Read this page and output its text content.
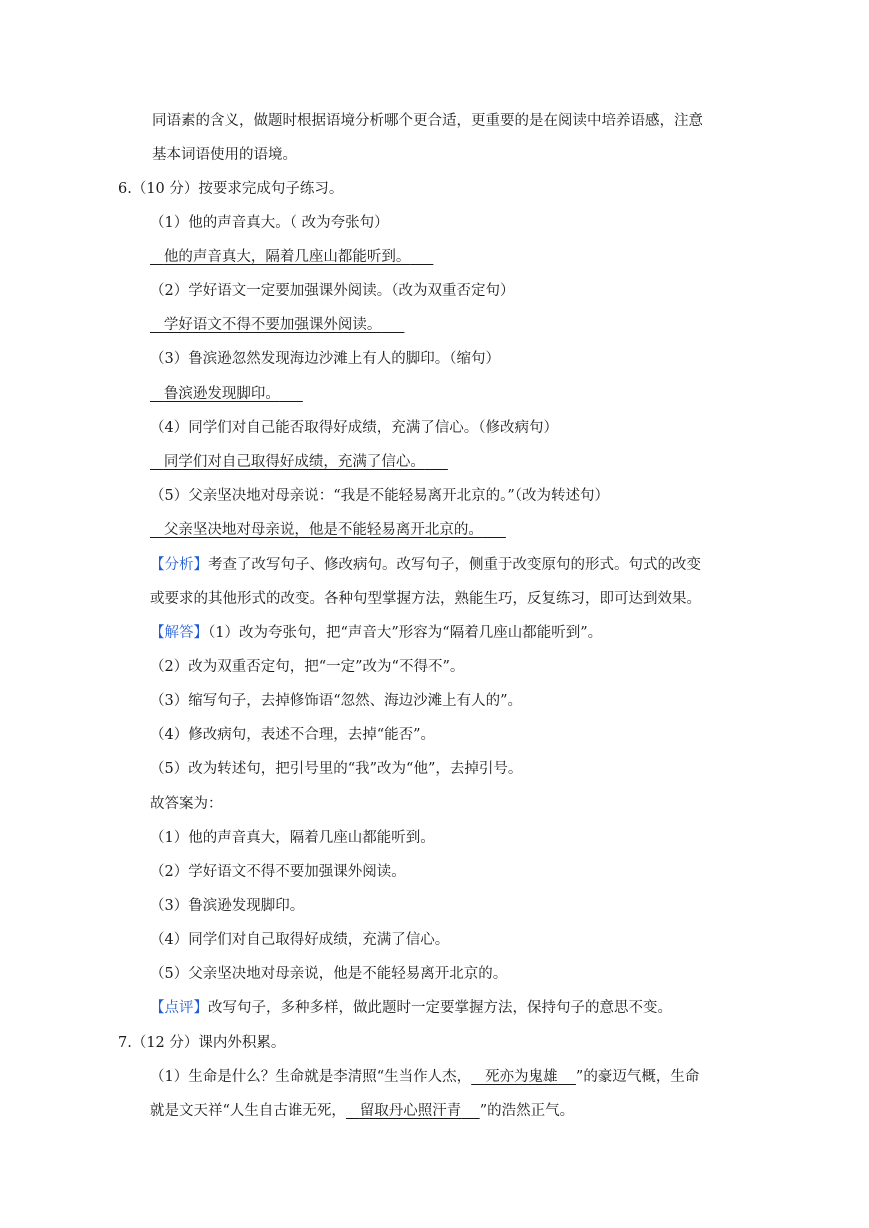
同语素的含义，做题时根据语境分析哪个更合适，更重要的是在阅读中培养语感，注意
基本词语使用的语境。
6.（10 分）按要求完成句子练习。
（1）他的声音真大。（ 改为夸张句）
他的声音真大，隔着几座山都能听到。
（2）学好语文一定要加强课外阅读。（改为双重否定句）
学好语文不得不要加强课外阅读。
（3）鲁滨逊忽然发现海边沙滩上有人的脚印。（缩句）
鲁滨逊发现脚印。
（4）同学们对自己能否取得好成绩，充满了信心。（修改病句）
同学们对自己取得好成绩，充满了信心。
（5）父亲坚决地对母亲说：“我是不能轻易离开北京的。”（改为转述句）
父亲坚决地对母亲说，他是不能轻易离开北京的。
【分析】考查了改写句子、修改病句。改写句子，侧重于改变原句的形式。句式的改变
或要求的其他形式的改变。各种句型掌握方法，熟能生巧，反复练习，即可达到效果。
【解答】（1）改为夸张句，把“声音大”形容为“隔着几座山都能听到”。
（2）改为双重否定句，把“一定”改为“不得不”。
（3）缩写句子，去掉修饰语“忽然、海边沙滩上有人的”。
（4）修改病句，表述不合理，去掉“能否”。
（5）改为转述句，把引号里的“我”改为“他”，去掉引号。
故答案为：
（1）他的声音真大，隔着几座山都能听到。
（2）学好语文不得不要加强课外阅读。
（3）鲁滨逊发现脚印。
（4）同学们对自己取得好成绩，充满了信心。
（5）父亲坚决地对母亲说，他是不能轻易离开北京的。
【点评】改写句子，多种多样，做此题时一定要掌握方法，保持句子的意思不变。
7.（12 分）课内外积累。
（1）生命是什么？生命就是李清照“生当作人杰， 死亦为鬼雄 ”的豪迈气概，生命
就是文天祥“人生自古谁无死， 留取丹心照汗青 ”的浩然正气。
